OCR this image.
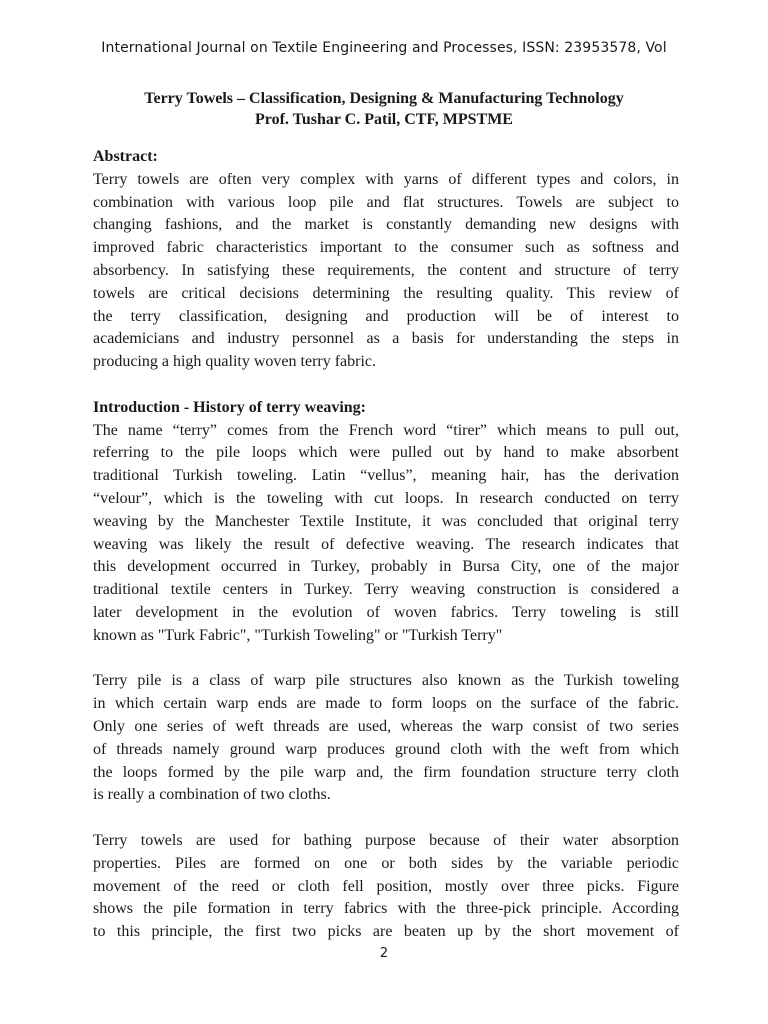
International Journal on Textile Engineering and Processes, ISSN: 23953578, Vol
Terry Towels – Classification, Designing & Manufacturing Technology
Prof. Tushar C. Patil, CTF, MPSTME
Abstract:
Terry towels are often very complex with yarns of different types and colors, in
combination with various loop pile and flat structures. Towels are subject to
changing fashions, and the market is constantly demanding new designs with
improved fabric characteristics important to the consumer such as softness and
absorbency. In satisfying these requirements, the content and structure of terry
towels are critical decisions determining the resulting quality. This review of
the terry classification, designing and production will be of interest to
academicians and industry personnel as a basis for understanding the steps in
producing a high quality woven terry fabric.
Introduction - History of terry weaving:
The name “terry” comes from the French word “tirer” which means to pull out,
referring to the pile loops which were pulled out by hand to make absorbent
traditional Turkish toweling. Latin “vellus”, meaning hair, has the derivation
“velour”, which is the toweling with cut loops. In research conducted on terry
weaving by the Manchester Textile Institute, it was concluded that original terry
weaving was likely the result of defective weaving. The research indicates that
this development occurred in Turkey, probably in Bursa City, one of the major
traditional textile centers in Turkey. Terry weaving construction is considered a
later development in the evolution of woven fabrics. Terry toweling is still
known as "Turk Fabric", "Turkish Toweling" or "Turkish Terry"
Terry pile is a class of warp pile structures also known as the Turkish toweling
in which certain warp ends are made to form loops on the surface of the fabric.
Only one series of weft threads are used, whereas the warp consist of two series
of threads namely ground warp produces ground cloth with the weft from which
the loops formed by the pile warp and, the firm foundation structure terry cloth
is really a combination of two cloths.
Terry towels are used for bathing purpose because of their water absorption
properties. Piles are formed on one or both sides by the variable periodic
movement of the reed or cloth fell position, mostly over three picks. Figure
shows the pile formation in terry fabrics with the three-pick principle. According
to this principle, the first two picks are beaten up by the short movement of
2
